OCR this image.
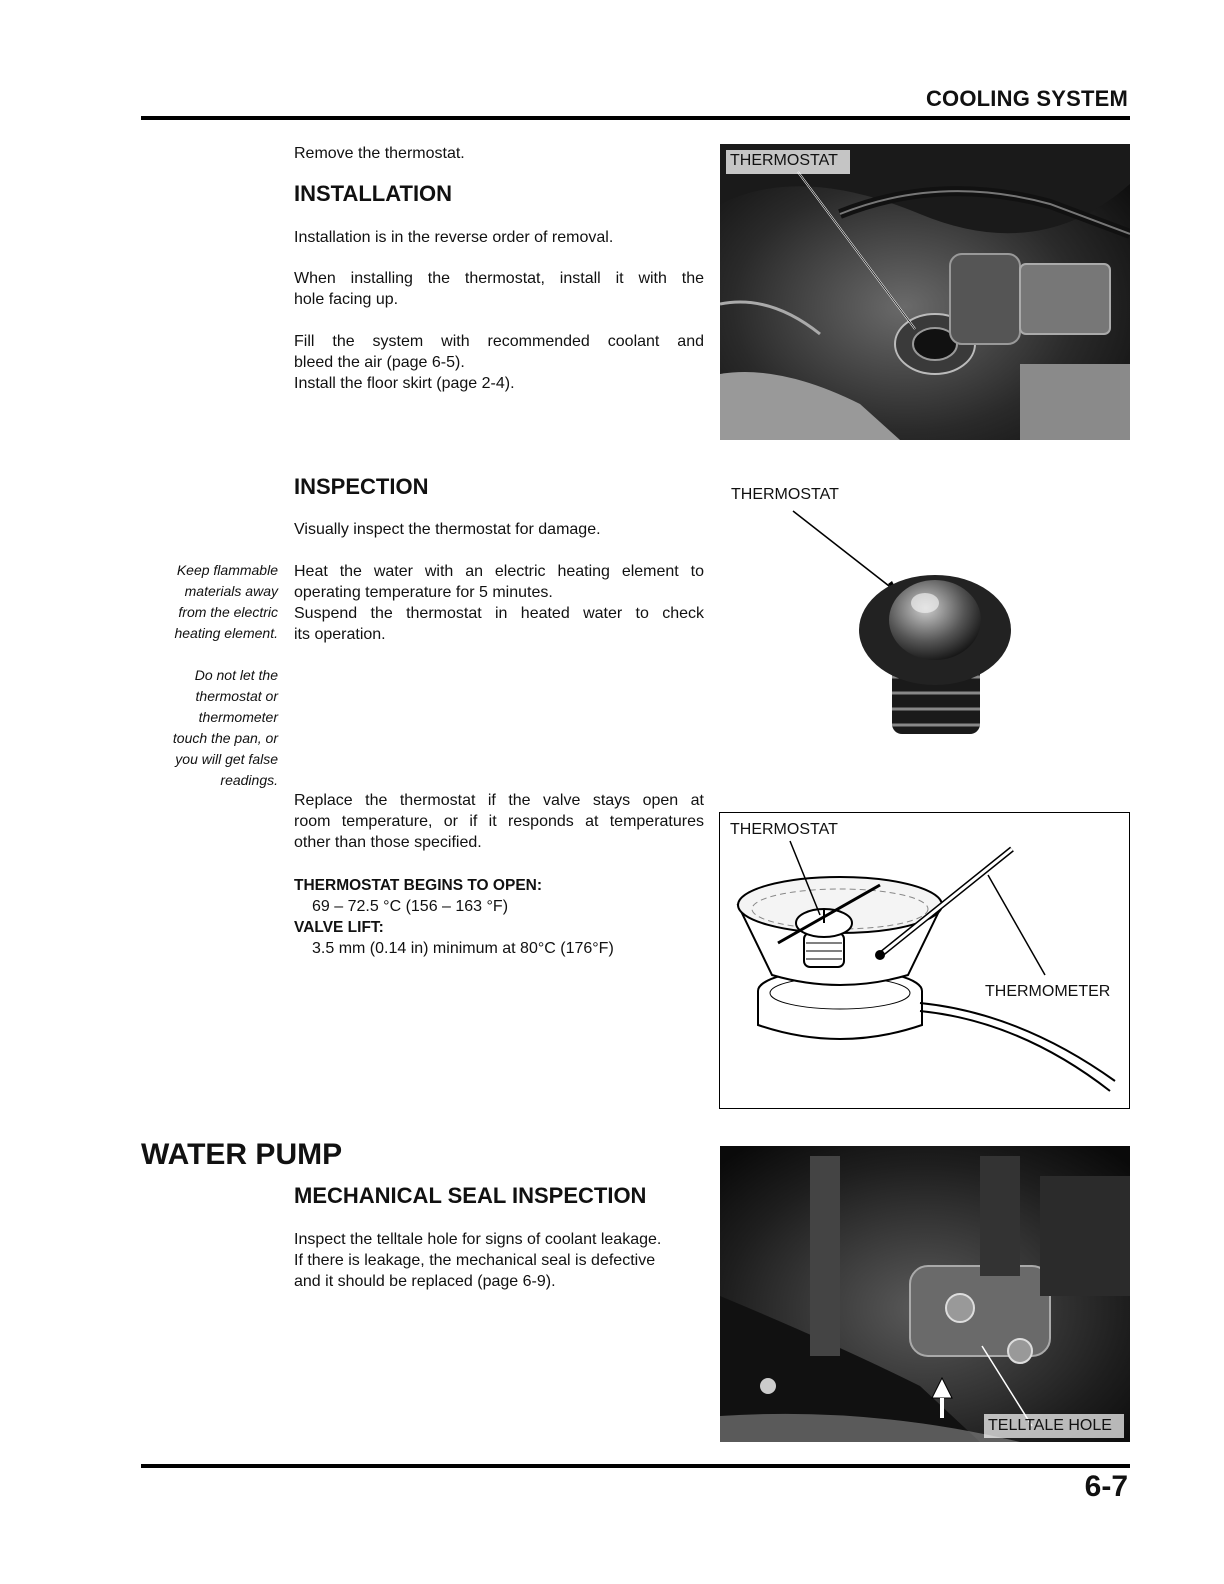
COOLING SYSTEM
Remove the thermostat.
INSTALLATION
Installation is in the reverse order of removal.

When installing the thermostat, install it with the

hole facing up.

Fill the system with recommended coolant and

bleed the air (page 6-5).

Install the floor skirt (page 2-4).

INSPECTION
Visually inspect the thermostat for damage.

Heat the water with an electric heating element to

operating temperature for 5 minutes.

Suspend the thermostat in heated water to check

its operation.

Keep flammable

materials away

from the electric

heating element.

Do not let the

thermostat or

thermometer

touch the pan, or

you will get false

readings.

Replace the thermostat if the valve stays open at

room temperature, or if it responds at temperatures

other than those specified.

THERMOSTAT BEGINS TO OPEN:

69 – 72.5 °C (156 – 163 °F)

VALVE LIFT:

3.5 mm (0.14 in) minimum at 80°C (176°F)

WATER PUMP
MECHANICAL SEAL INSPECTION

Inspect the telltale hole for signs of coolant leakage.

If there is leakage, the mechanical seal is defective

and it should be replaced (page 6-9).

THERMOSTAT
THERMOSTAT
THERMOSTAT
THERMOMETER
TELLTALE HOLE
6-7
